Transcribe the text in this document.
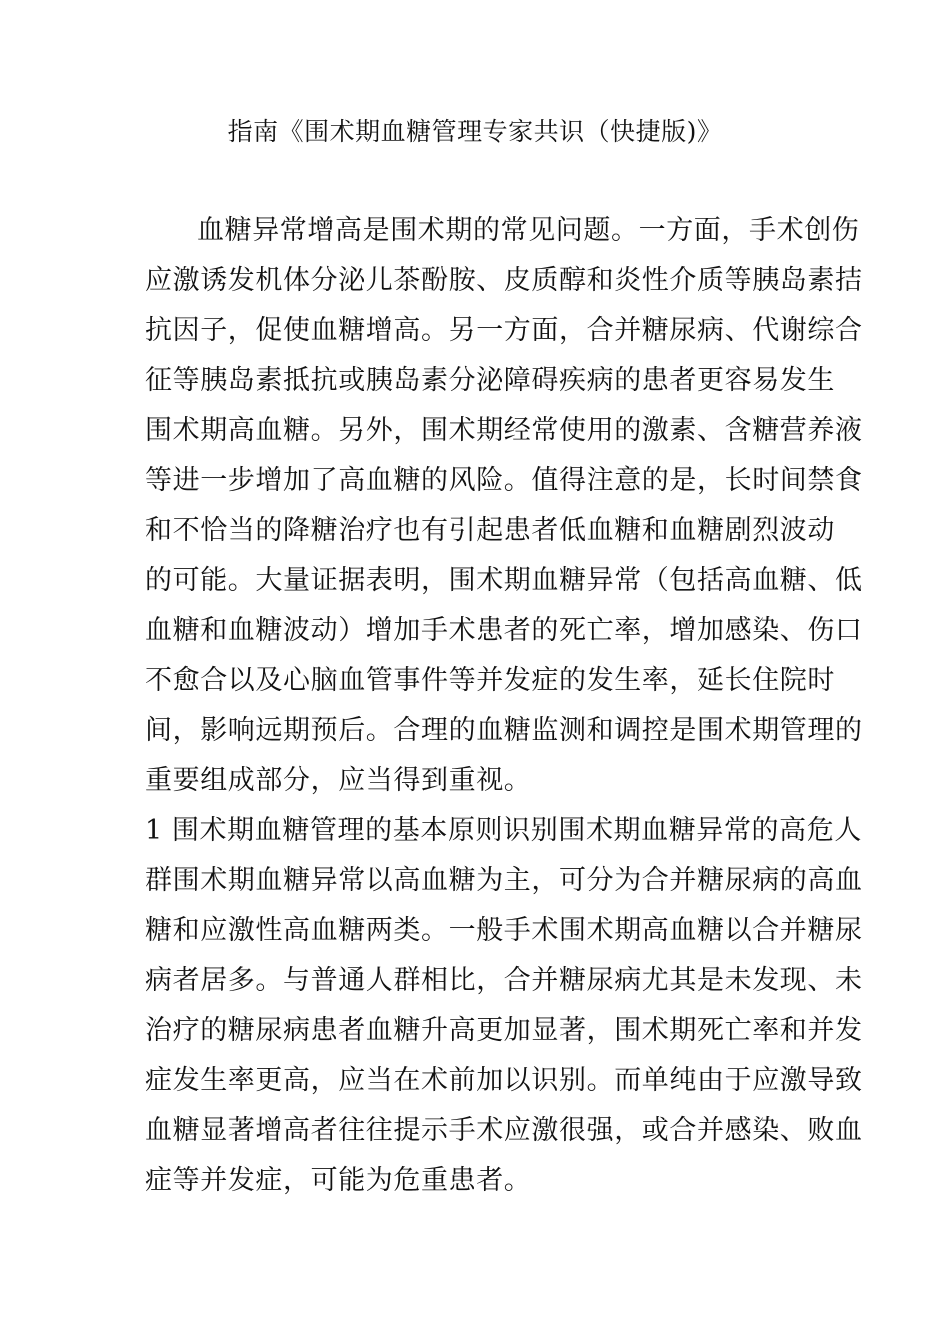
指南《围术期血糖管理专家共识（快捷版)》
血糖异常增高是围术期的常见问题。一方面，手术创伤
应激诱发机体分泌儿茶酚胺、皮质醇和炎性介质等胰岛素拮
抗因子，促使血糖增高。另一方面，合并糖尿病、代谢综合
征等胰岛素抵抗或胰岛素分泌障碍疾病的患者更容易发生
围术期高血糖。另外，围术期经常使用的激素、含糖营养液
等进一步增加了高血糖的风险。值得注意的是，长时间禁食
和不恰当的降糖治疗也有引起患者低血糖和血糖剧烈波动
的可能。大量证据表明，围术期血糖异常（包括高血糖、低
血糖和血糖波动）增加手术患者的死亡率，增加感染、伤口
不愈合以及心脑血管事件等并发症的发生率，延长住院时
间，影响远期预后。合理的血糖监测和调控是围术期管理的
重要组成部分，应当得到重视。
1 围术期血糖管理的基本原则识别围术期血糖异常的高危人
群围术期血糖异常以高血糖为主，可分为合并糖尿病的高血
糖和应激性高血糖两类。一般手术围术期高血糖以合并糖尿
病者居多。与普通人群相比，合并糖尿病尤其是未发现、未
治疗的糖尿病患者血糖升高更加显著，围术期死亡率和并发
症发生率更高，应当在术前加以识别。而单纯由于应激导致
血糖显著增高者往往提示手术应激很强，或合并感染、败血
症等并发症，可能为危重患者。
